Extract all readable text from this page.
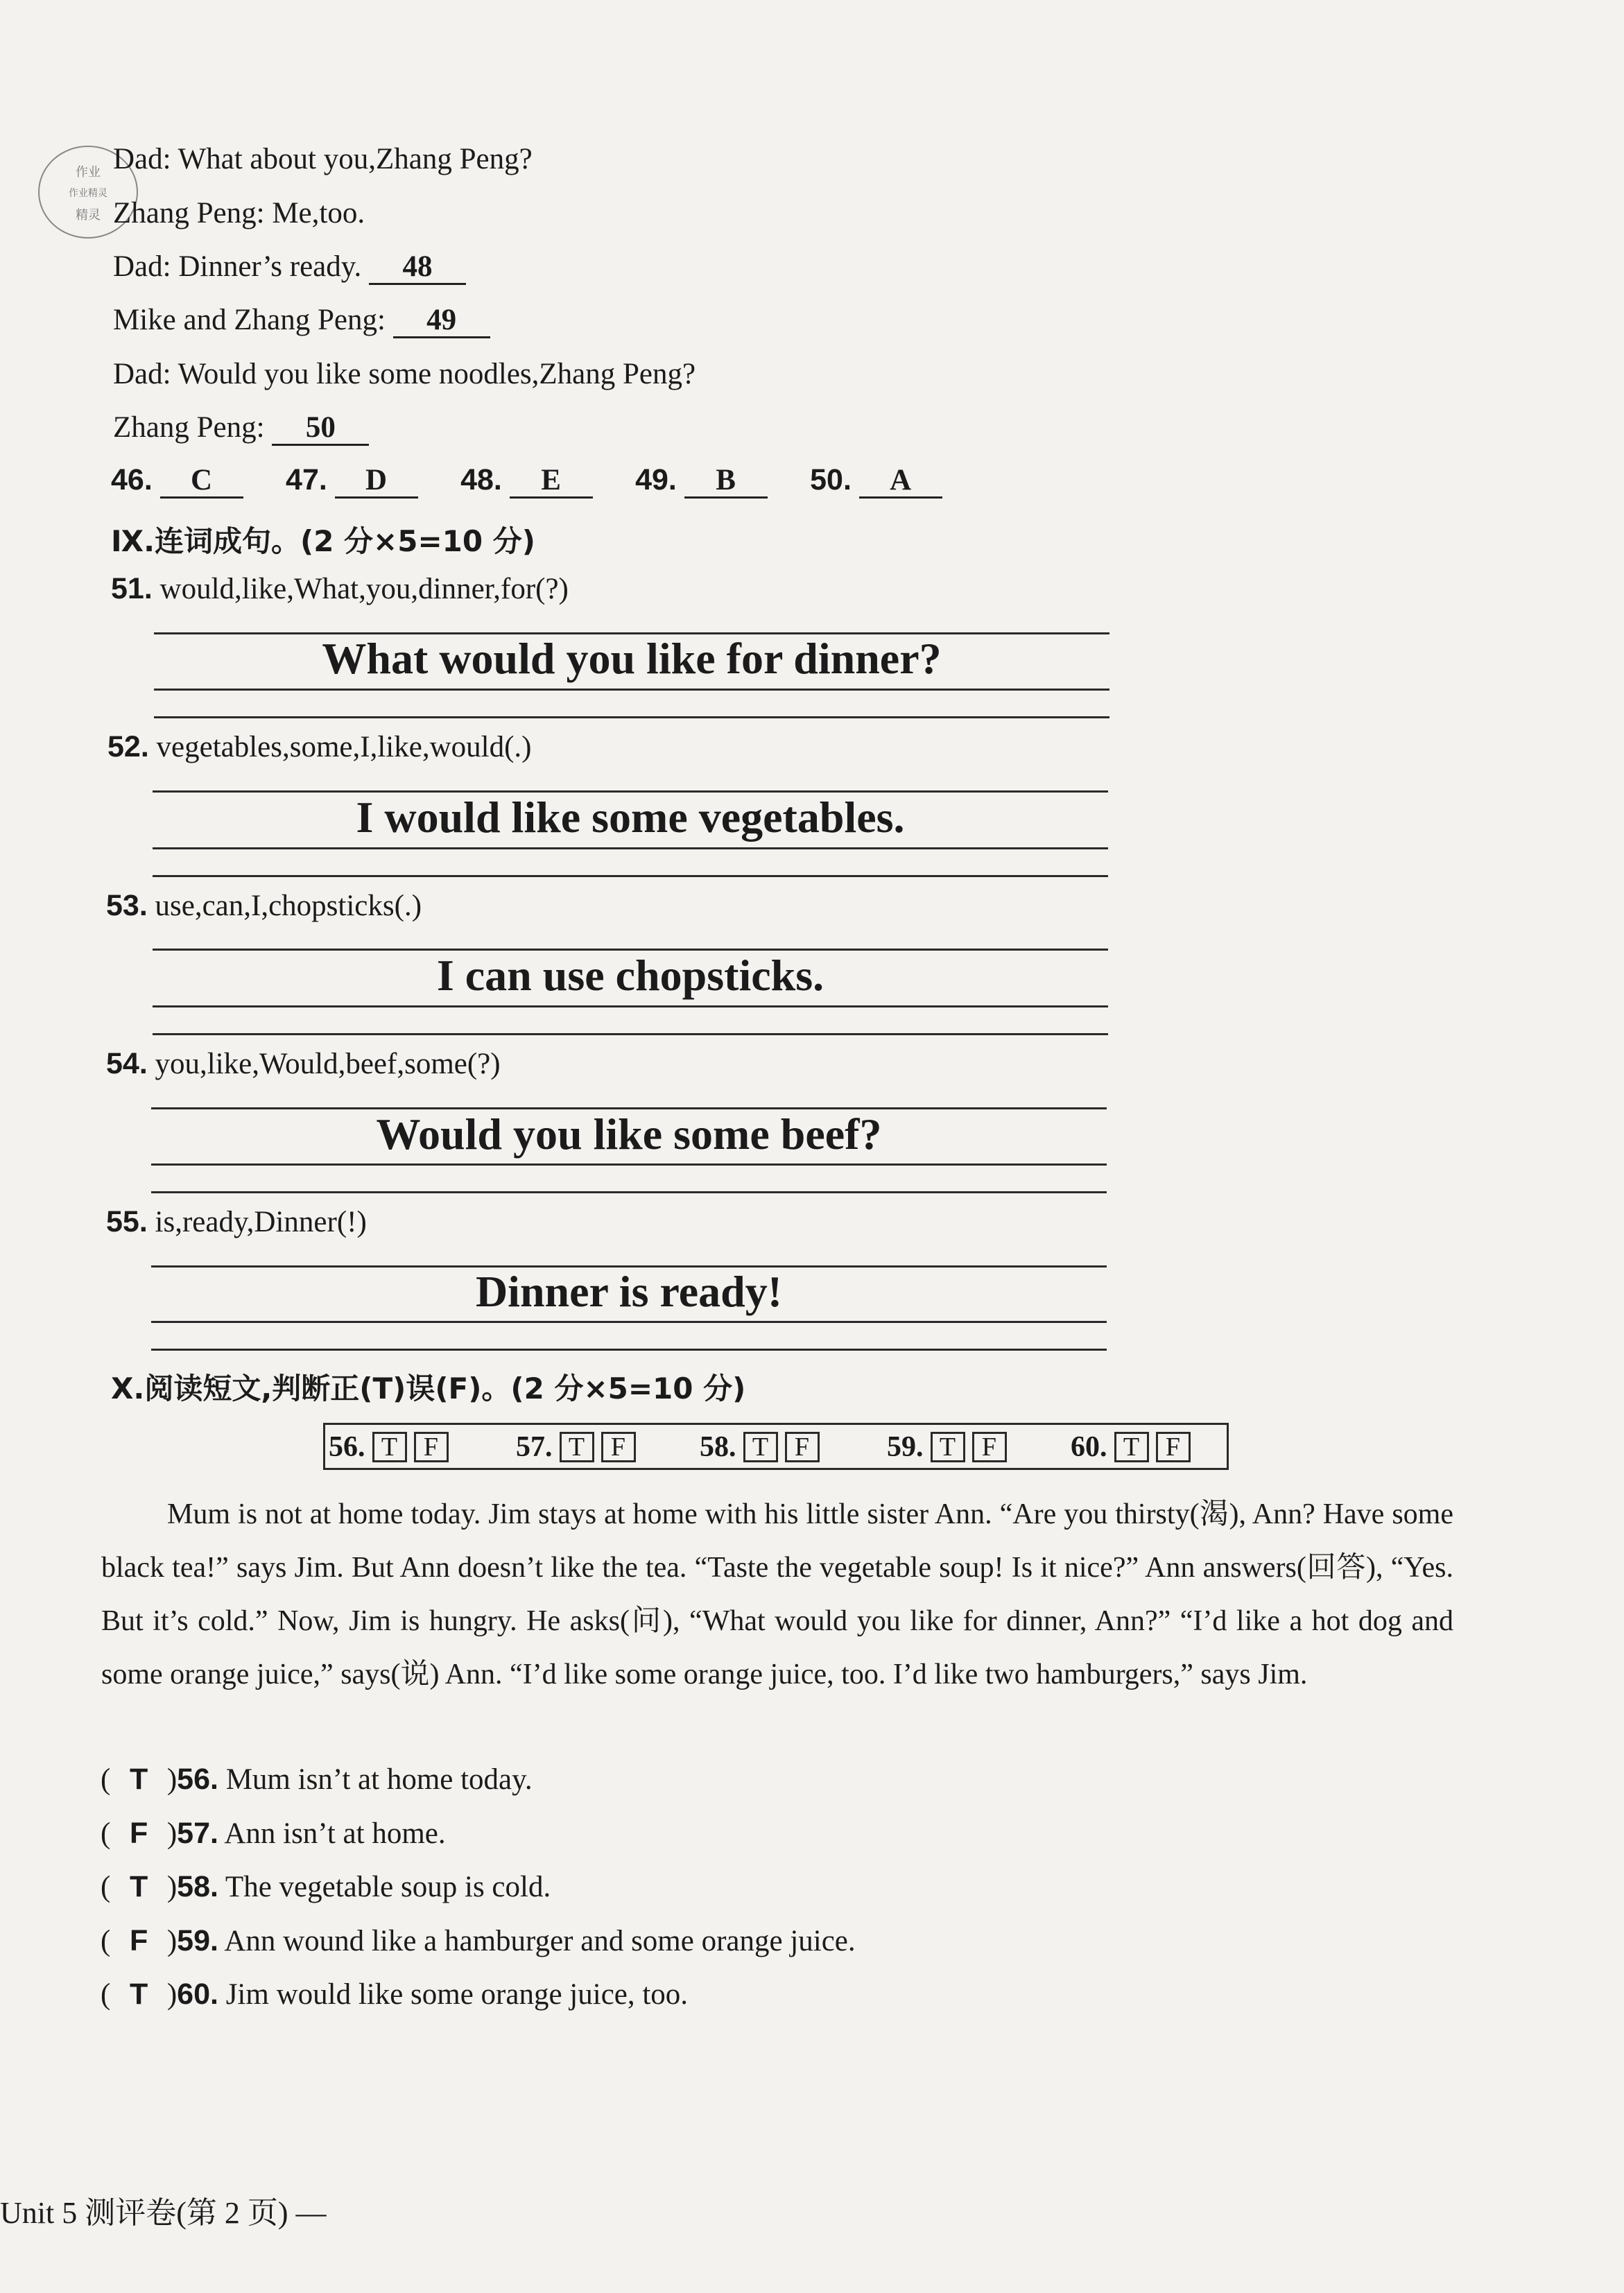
作业
作业精灵
精灵
Dad: What about you,Zhang Peng?
Zhang Peng: Me,too.
Dad: Dinner’s ready. 48
Mike and Zhang Peng: 49
Dad: Would you like some noodles,Zhang Peng?
Zhang Peng: 50
46. C 47. D 48. E 49. B 50. A
Ⅸ.连词成句。(2 分×5=10 分)
51. would,like,What,you,dinner,for(?)
What would you like for dinner?
52. vegetables,some,I,like,would(.)
I would like some vegetables.
53. use,can,I,chopsticks(.)
I can use chopsticks.
54. you,like,Would,beef,some(?)
Would you like some beef?
55. is,ready,Dinner(!)
Dinner is ready!
Ⅹ.阅读短文,判断正(T)误(F)。(2 分×5=10 分)
56. T F	57. T F	58. T F	59. T F	60. T F
Mum is not at home today. Jim stays at home with his little sister Ann. “Are you thirsty(渴), Ann? Have some black tea!” says Jim. But Ann doesn’t like the tea. “Taste the vegetable soup! Is it nice?” Ann answers(回答), “Yes. But it’s cold.” Now, Jim is hungry. He asks(问), “What would you like for dinner, Ann?” “I’d like a hot dog and some orange juice,” says(说) Ann. “I’d like some orange juice, too. I’d like two hamburgers,” says Jim.
( T )56. Mum isn’t at home today.
( F )57. Ann isn’t at home.
( T )58. The vegetable soup is cold.
( F )59. Ann wound like a hamburger and some orange juice.
( T )60. Jim would like some orange juice, too.
Unit 5 测评卷(第 2 页) —
